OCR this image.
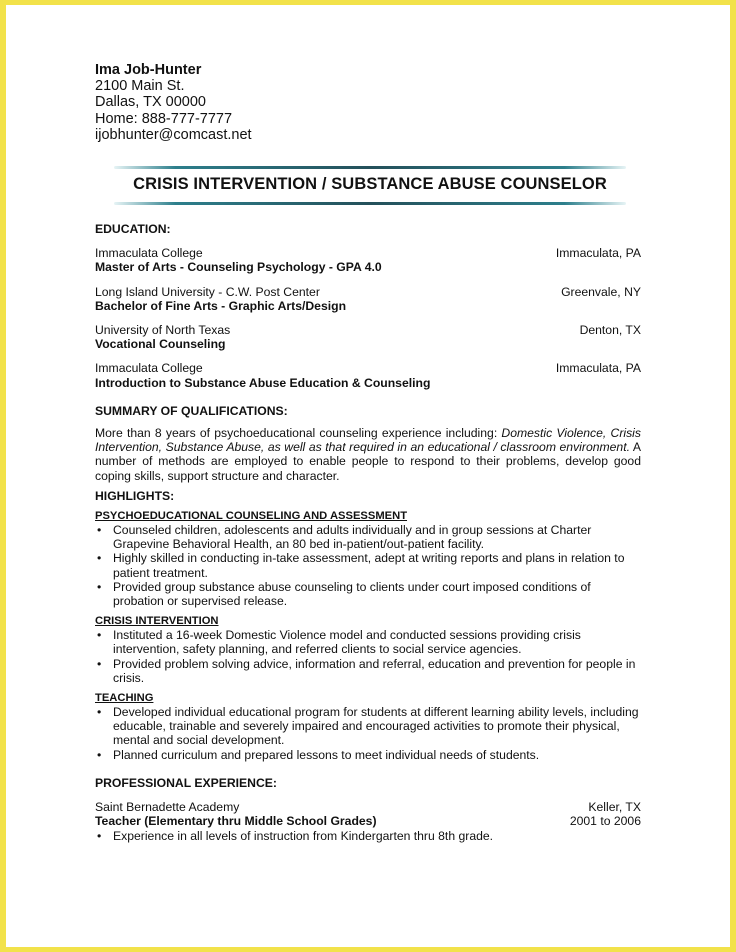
Ima Job-Hunter
2100 Main St.
Dallas, TX 00000
Home: 888-777-7777
ijobhunter@comcast.net
CRISIS INTERVENTION / SUBSTANCE ABUSE COUNSELOR
EDUCATION:
Immaculata College	Immaculata, PA
Master of Arts - Counseling Psychology - GPA 4.0
Long Island University - C.W. Post Center	Greenvale, NY
Bachelor of Fine Arts - Graphic Arts/Design
University of North Texas	Denton, TX
Vocational Counseling
Immaculata College	Immaculata, PA
Introduction to Substance Abuse Education & Counseling
SUMMARY OF QUALIFICATIONS:
More than 8 years of psychoeducational counseling experience including: Domestic Violence, Crisis Intervention, Substance Abuse, as well as that required in an educational / classroom environment. A number of methods are employed to enable people to respond to their problems, develop good coping skills, support structure and character.
HIGHLIGHTS:
PSYCHOEDUCATIONAL COUNSELING AND ASSESSMENT
• Counseled children, adolescents and adults individually and in group sessions at Charter Grapevine Behavioral Health, an 80 bed in-patient/out-patient facility.
• Highly skilled in conducting in-take assessment, adept at writing reports and plans in relation to patient treatment.
• Provided group substance abuse counseling to clients under court imposed conditions of probation or supervised release.
CRISIS INTERVENTION
• Instituted a 16-week Domestic Violence model and conducted sessions providing crisis intervention, safety planning, and referred clients to social service agencies.
• Provided problem solving advice, information and referral, education and prevention for people in crisis.
TEACHING
• Developed individual educational program for students at different learning ability levels, including educable, trainable and severely impaired and encouraged activities to promote their physical, mental and social development.
• Planned curriculum and prepared lessons to meet individual needs of students.
PROFESSIONAL EXPERIENCE:
Saint Bernadette Academy	Keller, TX
Teacher (Elementary thru Middle School Grades)	2001 to 2006
• Experience in all levels of instruction from Kindergarten thru 8th grade.
